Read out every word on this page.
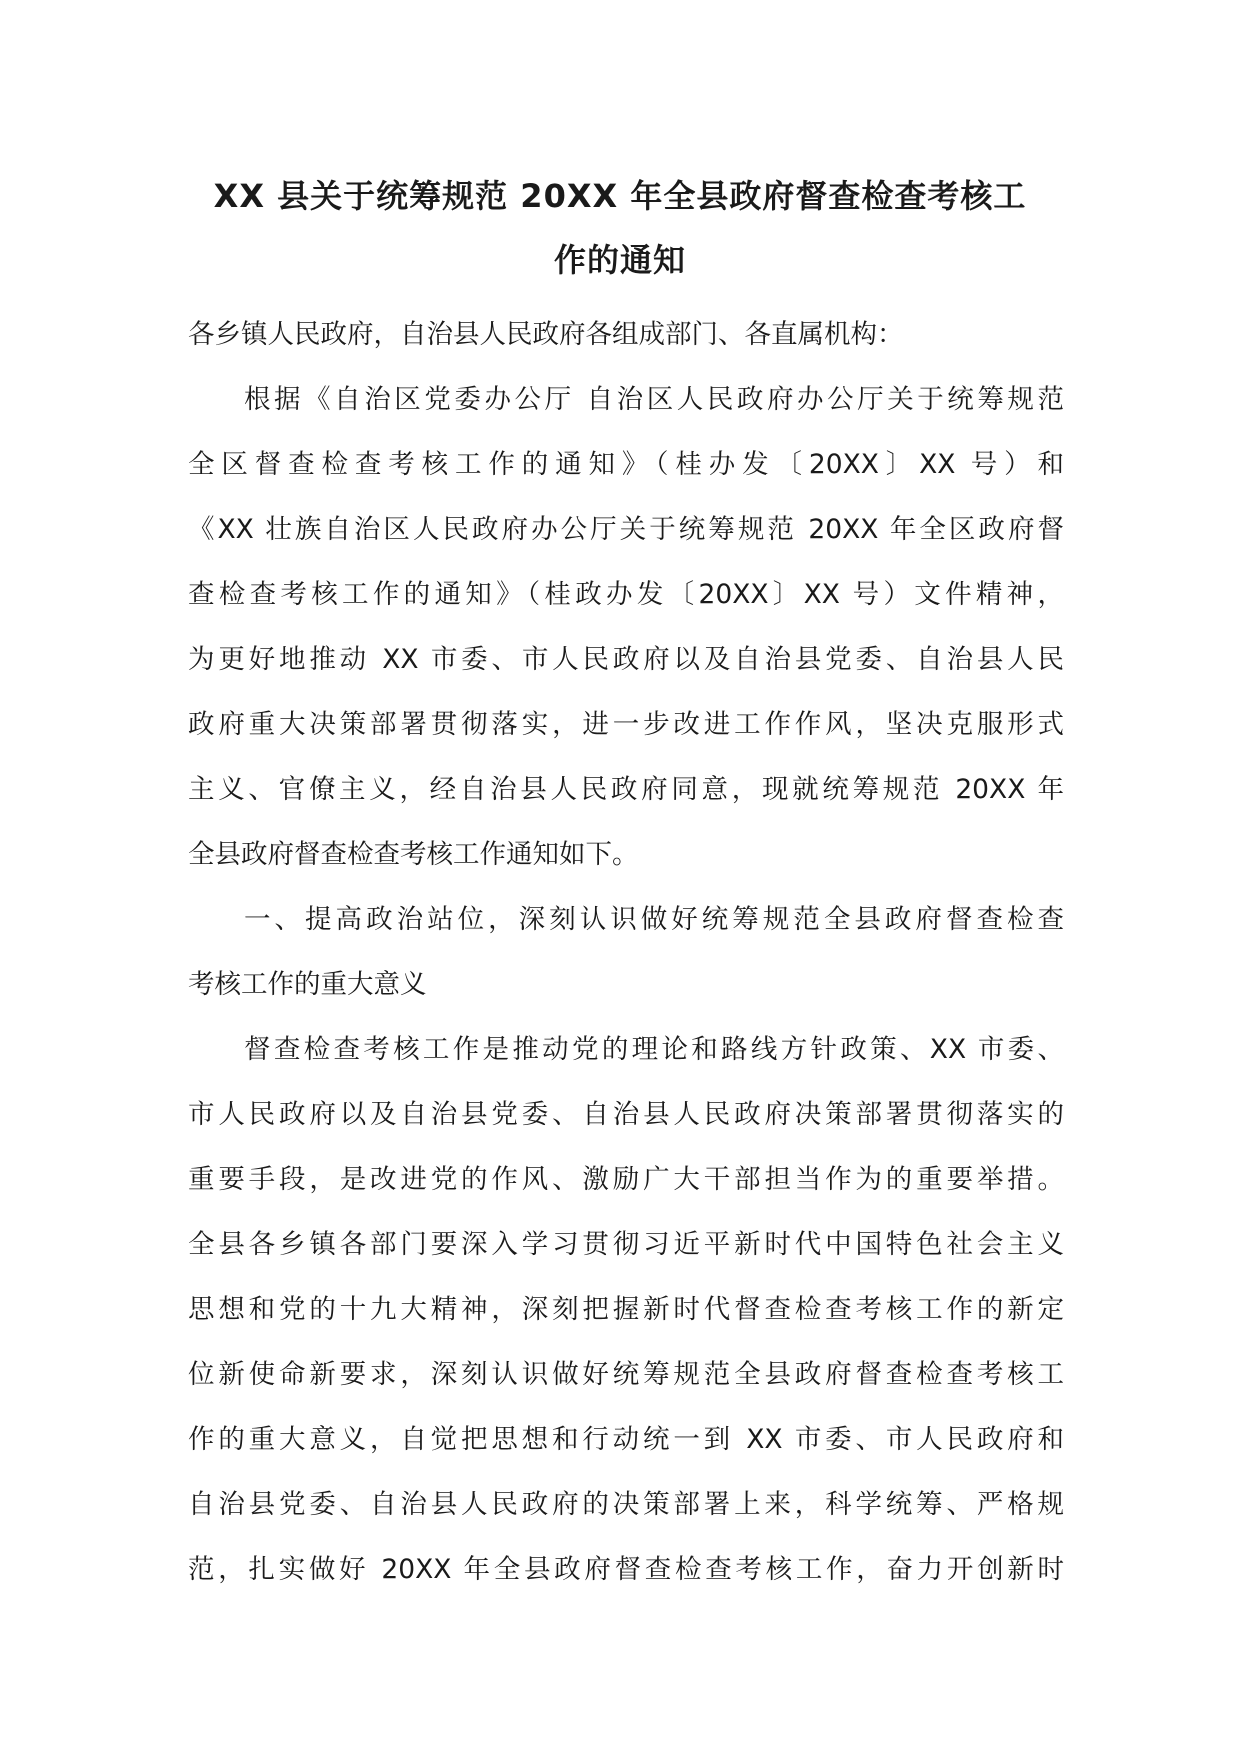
XX 县关于统筹规范 20XX 年全县政府督查检查考核工
作的通知
各乡镇人民政府，自治县人民政府各组成部门、各直属机构：
根据《自治区党委办公厅 自治区人民政府办公厅关于统筹规范
全区督查检查考核工作的通知》（桂办发〔20XX〕XX 号）和
《XX 壮族自治区人民政府办公厅关于统筹规范 20XX 年全区政府督
查检查考核工作的通知》（桂政办发〔20XX〕XX 号）文件精神，
为更好地推动 XX 市委、市人民政府以及自治县党委、自治县人民
政府重大决策部署贯彻落实，进一步改进工作作风，坚决克服形式
主义、官僚主义，经自治县人民政府同意，现就统筹规范 20XX 年
全县政府督查检查考核工作通知如下。
一、提高政治站位，深刻认识做好统筹规范全县政府督查检查
考核工作的重大意义
督查检查考核工作是推动党的理论和路线方针政策、XX 市委、
市人民政府以及自治县党委、自治县人民政府决策部署贯彻落实的
重要手段，是改进党的作风、激励广大干部担当作为的重要举措。
全县各乡镇各部门要深入学习贯彻习近平新时代中国特色社会主义
思想和党的十九大精神，深刻把握新时代督查检查考核工作的新定
位新使命新要求，深刻认识做好统筹规范全县政府督查检查考核工
作的重大意义，自觉把思想和行动统一到 XX 市委、市人民政府和
自治县党委、自治县人民政府的决策部署上来，科学统筹、严格规
范，扎实做好 20XX 年全县政府督查检查考核工作，奋力开创新时
